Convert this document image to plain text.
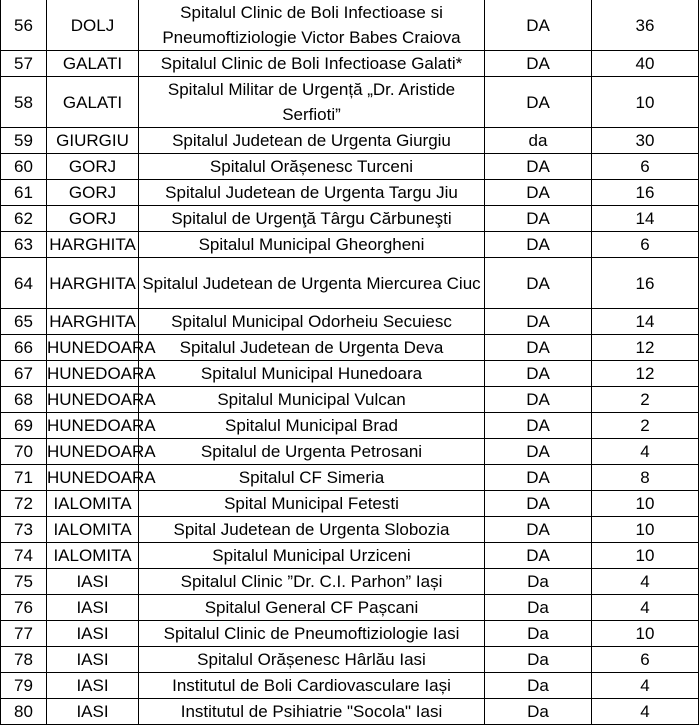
56	DOLJ	Spitalul Clinic de Boli Infectioase si Pneumoftiziologie Victor Babes Craiova	DA	36
57	GALATI	Spitalul Clinic de Boli Infectioase Galati*	DA	40
58	GALATI	Spitalul Militar de Urgență „Dr. Aristide Serfioti”	DA	10
59	GIURGIU	Spitalul Judetean de Urgenta Giurgiu	da	30
60	GORJ	Spitalul Orășenesc Turceni	DA	6
61	GORJ	Spitalul Judetean de Urgenta Targu Jiu	DA	16
62	GORJ	Spitalul de Urgenţă Târgu Cărbuneşti	DA	14
63	HARGHITA	Spitalul Municipal Gheorgheni	DA	6
64	HARGHITA	Spitalul Judetean de Urgenta Miercurea Ciuc	DA	16
65	HARGHITA	Spitalul Municipal Odorheiu Secuiesc	DA	14
66	HUNEDOARA	Spitalul Judetean de Urgenta Deva	DA	12
67	HUNEDOARA	Spitalul Municipal Hunedoara	DA	12
68	HUNEDOARA	Spitalul Municipal Vulcan	DA	2
69	HUNEDOARA	Spitalul Municipal Brad	DA	2
70	HUNEDOARA	Spitalul de Urgenta Petrosani	DA	4
71	HUNEDOARA	Spitalul CF Simeria	DA	8
72	IALOMITA	Spital Municipal Fetesti	DA	10
73	IALOMITA	Spital Judetean de Urgenta Slobozia	DA	10
74	IALOMITA	Spitalul Municipal Urziceni	DA	10
75	IASI	Spitalul Clinic ”Dr. C.I. Parhon” Iași	Da	4
76	IASI	Spitalul General CF Pașcani	Da	4
77	IASI	Spitalul Clinic de Pneumoftiziologie Iasi	Da	10
78	IASI	Spitalul Orășenesc Hârlău Iasi	Da	6
79	IASI	Institutul de Boli Cardiovasculare Iași	Da	4
80	IASI	Institutul de Psihiatrie "Socola" Iasi	Da	4
